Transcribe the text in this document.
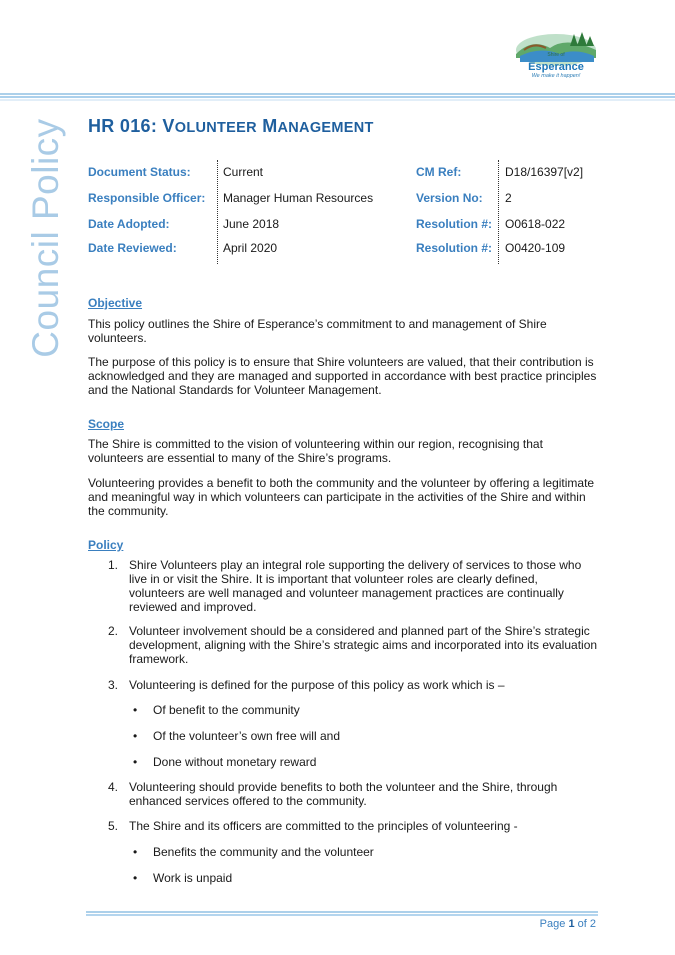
Council Policy
Shire of
Esperance
We make it happen!
HR 016: VOLUNTEER MANAGEMENT
Document Status:
Responsible Officer:
Date Adopted:
Date Reviewed:
Current
Manager Human Resources
June 2018
April 2020
CM Ref:
Version No:
Resolution #:
Resolution #:
D18/16397[v2]
2
O0618-022
O0420-109
Objective
This policy outlines the Shire of Esperance’s commitment to and management of Shire
volunteers.
The purpose of this policy is to ensure that Shire volunteers are valued, that their contribution is
acknowledged and they are managed and supported in accordance with best practice principles
and the National Standards for Volunteer Management.
Scope
The Shire is committed to the vision of volunteering within our region, recognising that
volunteers are essential to many of the Shire’s programs.
Volunteering provides a benefit to both the community and the volunteer by offering a legitimate
and meaningful way in which volunteers can participate in the activities of the Shire and within
the community.
Policy
1. Shire Volunteers play an integral role supporting the delivery of services to those who
live in or visit the Shire. It is important that volunteer roles are clearly defined,
volunteers are well managed and volunteer management practices are continually
reviewed and improved.
2. Volunteer involvement should be a considered and planned part of the Shire’s strategic
development, aligning with the Shire’s strategic aims and incorporated into its evaluation
framework.
3. Volunteering is defined for the purpose of this policy as work which is –
• Of benefit to the community
• Of the volunteer’s own free will and
• Done without monetary reward
4. Volunteering should provide benefits to both the volunteer and the Shire, through
enhanced services offered to the community.
5. The Shire and its officers are committed to the principles of volunteering -
• Benefits the community and the volunteer
• Work is unpaid
Page 1 of 2
